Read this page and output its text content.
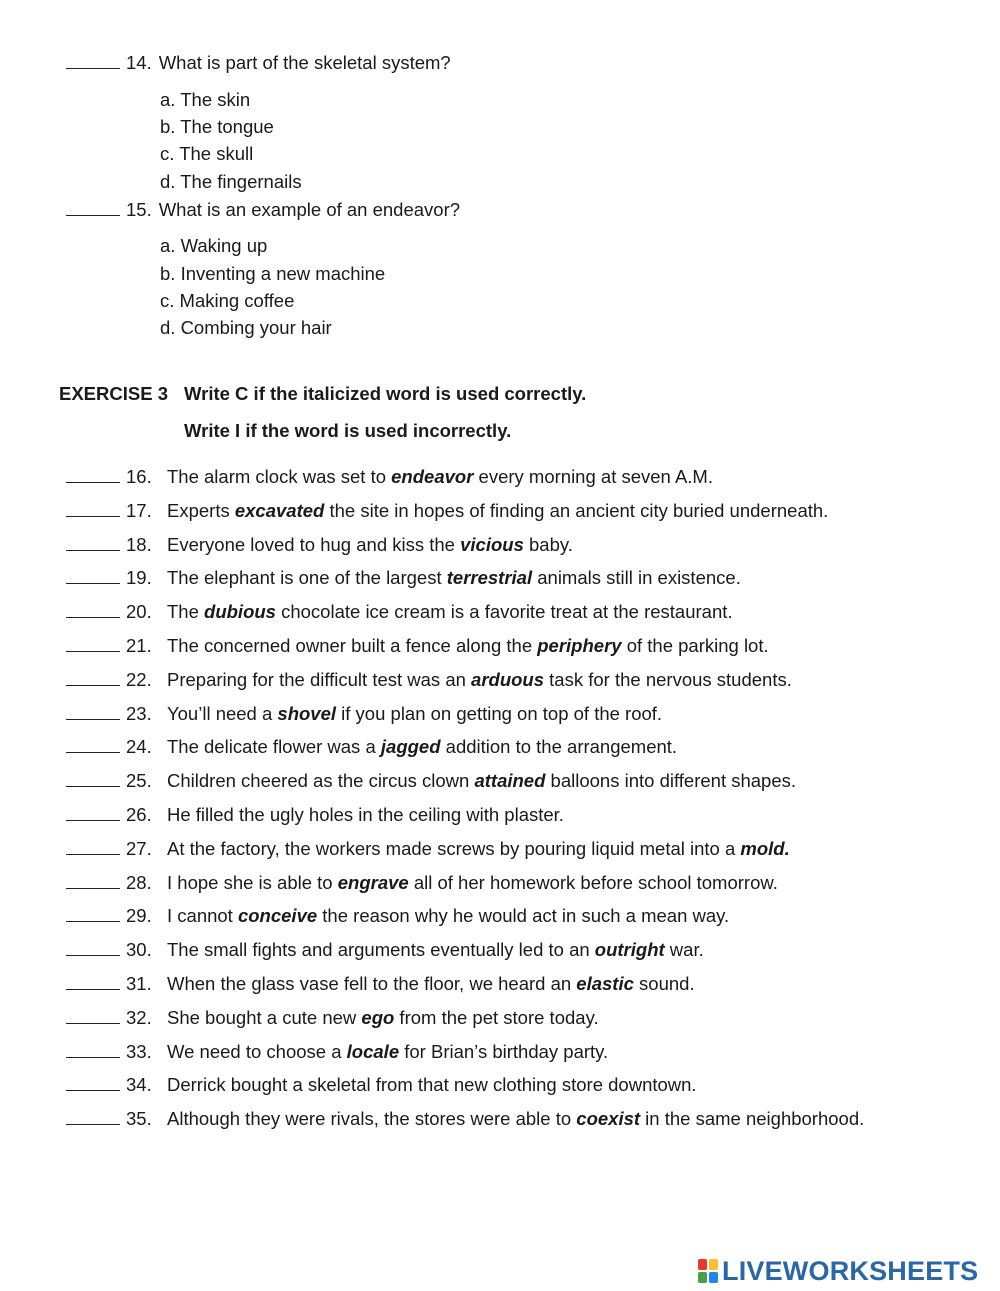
14. What is part of the skeletal system?
a. The skin
b. The tongue
c. The skull
d. The fingernails
15. What is an example of an endeavor?
a. Waking up
b. Inventing a new machine
c. Making coffee
d. Combing your hair
EXERCISE 3 Write C if the italicized word is used correctly.
Write I if the word is used incorrectly.
16. The alarm clock was set to endeavor every morning at seven A.M.
17. Experts excavated the site in hopes of finding an ancient city buried underneath.
18. Everyone loved to hug and kiss the vicious baby.
19. The elephant is one of the largest terrestrial animals still in existence.
20. The dubious chocolate ice cream is a favorite treat at the restaurant.
21. The concerned owner built a fence along the periphery of the parking lot.
22. Preparing for the difficult test was an arduous task for the nervous students.
23. You’ll need a shovel if you plan on getting on top of the roof.
24. The delicate flower was a jagged addition to the arrangement.
25. Children cheered as the circus clown attained balloons into different shapes.
26. He filled the ugly holes in the ceiling with plaster.
27. At the factory, the workers made screws by pouring liquid metal into a mold.
28. I hope she is able to engrave all of her homework before school tomorrow.
29. I cannot conceive the reason why he would act in such a mean way.
30. The small fights and arguments eventually led to an outright war.
31. When the glass vase fell to the floor, we heard an elastic sound.
32. She bought a cute new ego from the pet store today.
33. We need to choose a locale for Brian’s birthday party.
34. Derrick bought a skeletal from that new clothing store downtown.
35. Although they were rivals, the stores were able to coexist in the same neighborhood.
LIVEWORKSHEETS
